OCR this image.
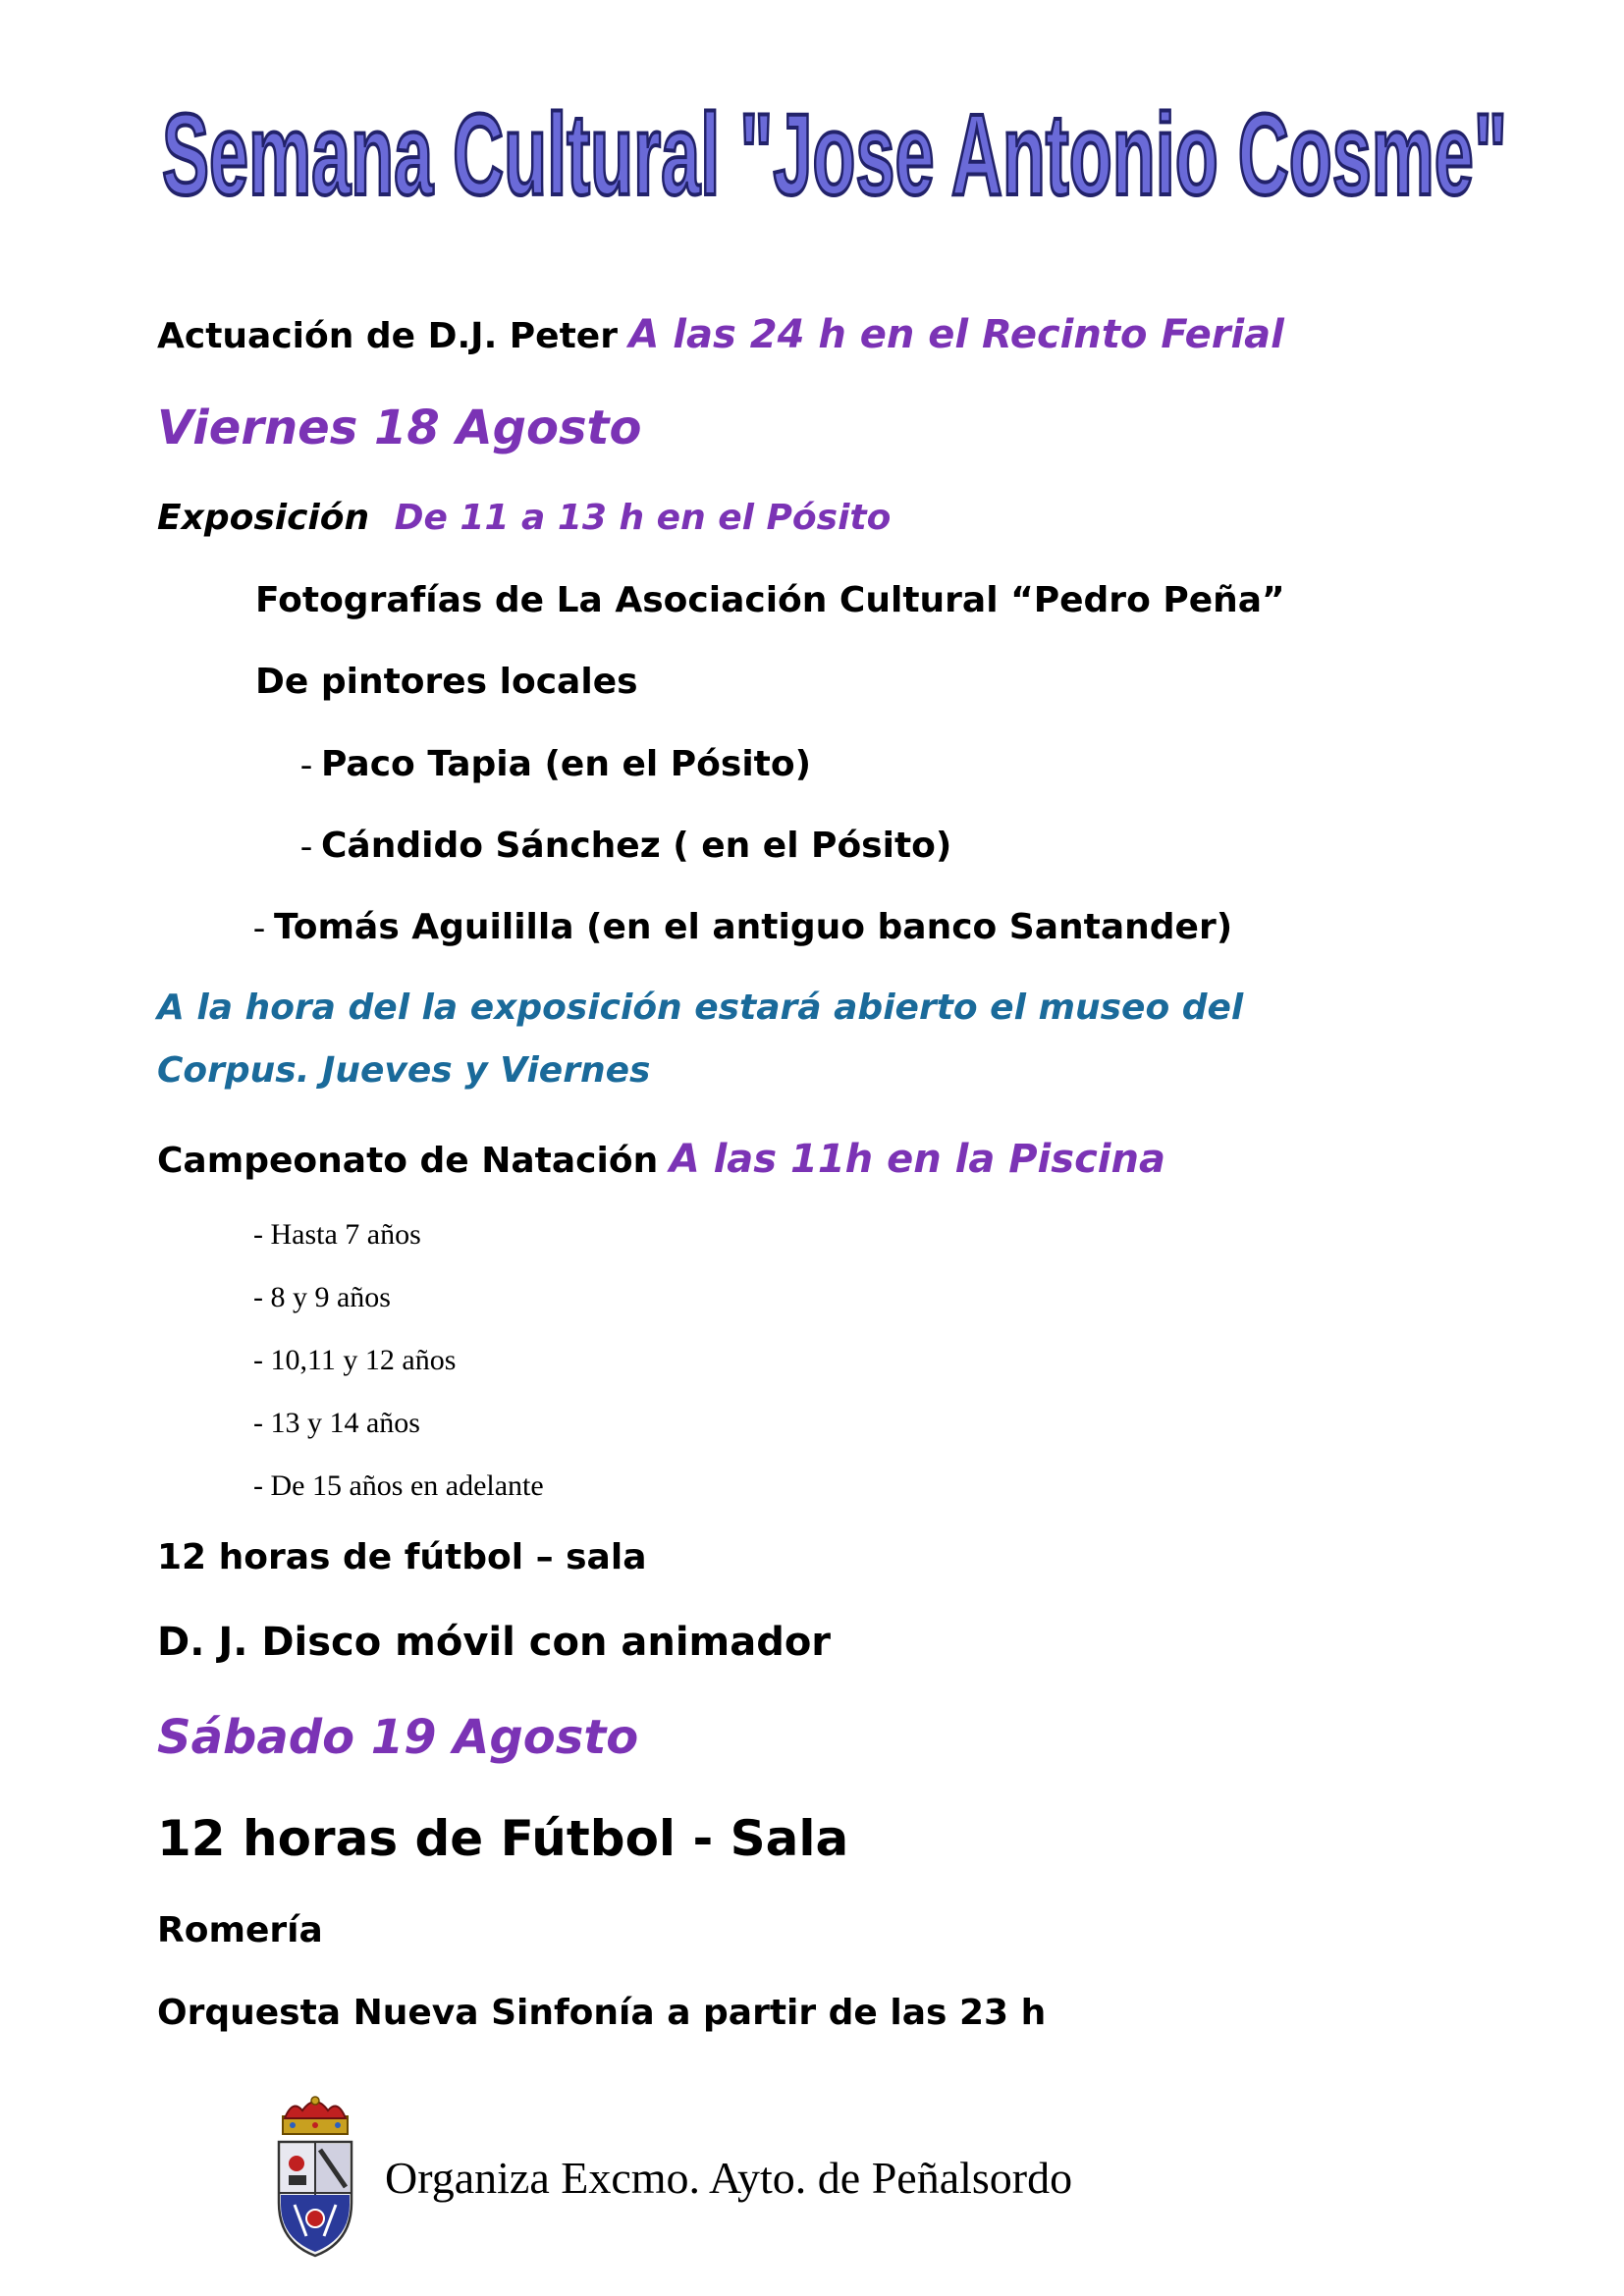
Semana Cultural "Jose Antonio Cosme"
Actuación de D.J. Peter A las 24 h en el Recinto Ferial
Viernes 18 Agosto
Exposición De 11 a 13 h en el Pósito
Fotografías de La Asociación Cultural “Pedro Peña”
De pintores locales
- Paco Tapia (en el Pósito)
- Cándido Sánchez ( en el Pósito)
- Tomás Aguililla (en el antiguo banco Santander)
A la hora del la exposición estará abierto el museo del
Corpus. Jueves y Viernes
Campeonato de Natación A las 11h en la Piscina
- Hasta 7 años
- 8 y 9 años
- 10,11 y 12 años
- 13 y 14 años
- De 15 años en adelante
12 horas de fútbol – sala
D. J. Disco móvil con animador
Sábado 19 Agosto
12 horas de Fútbol - Sala
Romería
Orquesta Nueva Sinfonía a partir de las 23 h
Organiza Excmo. Ayto. de Peñalsordo
